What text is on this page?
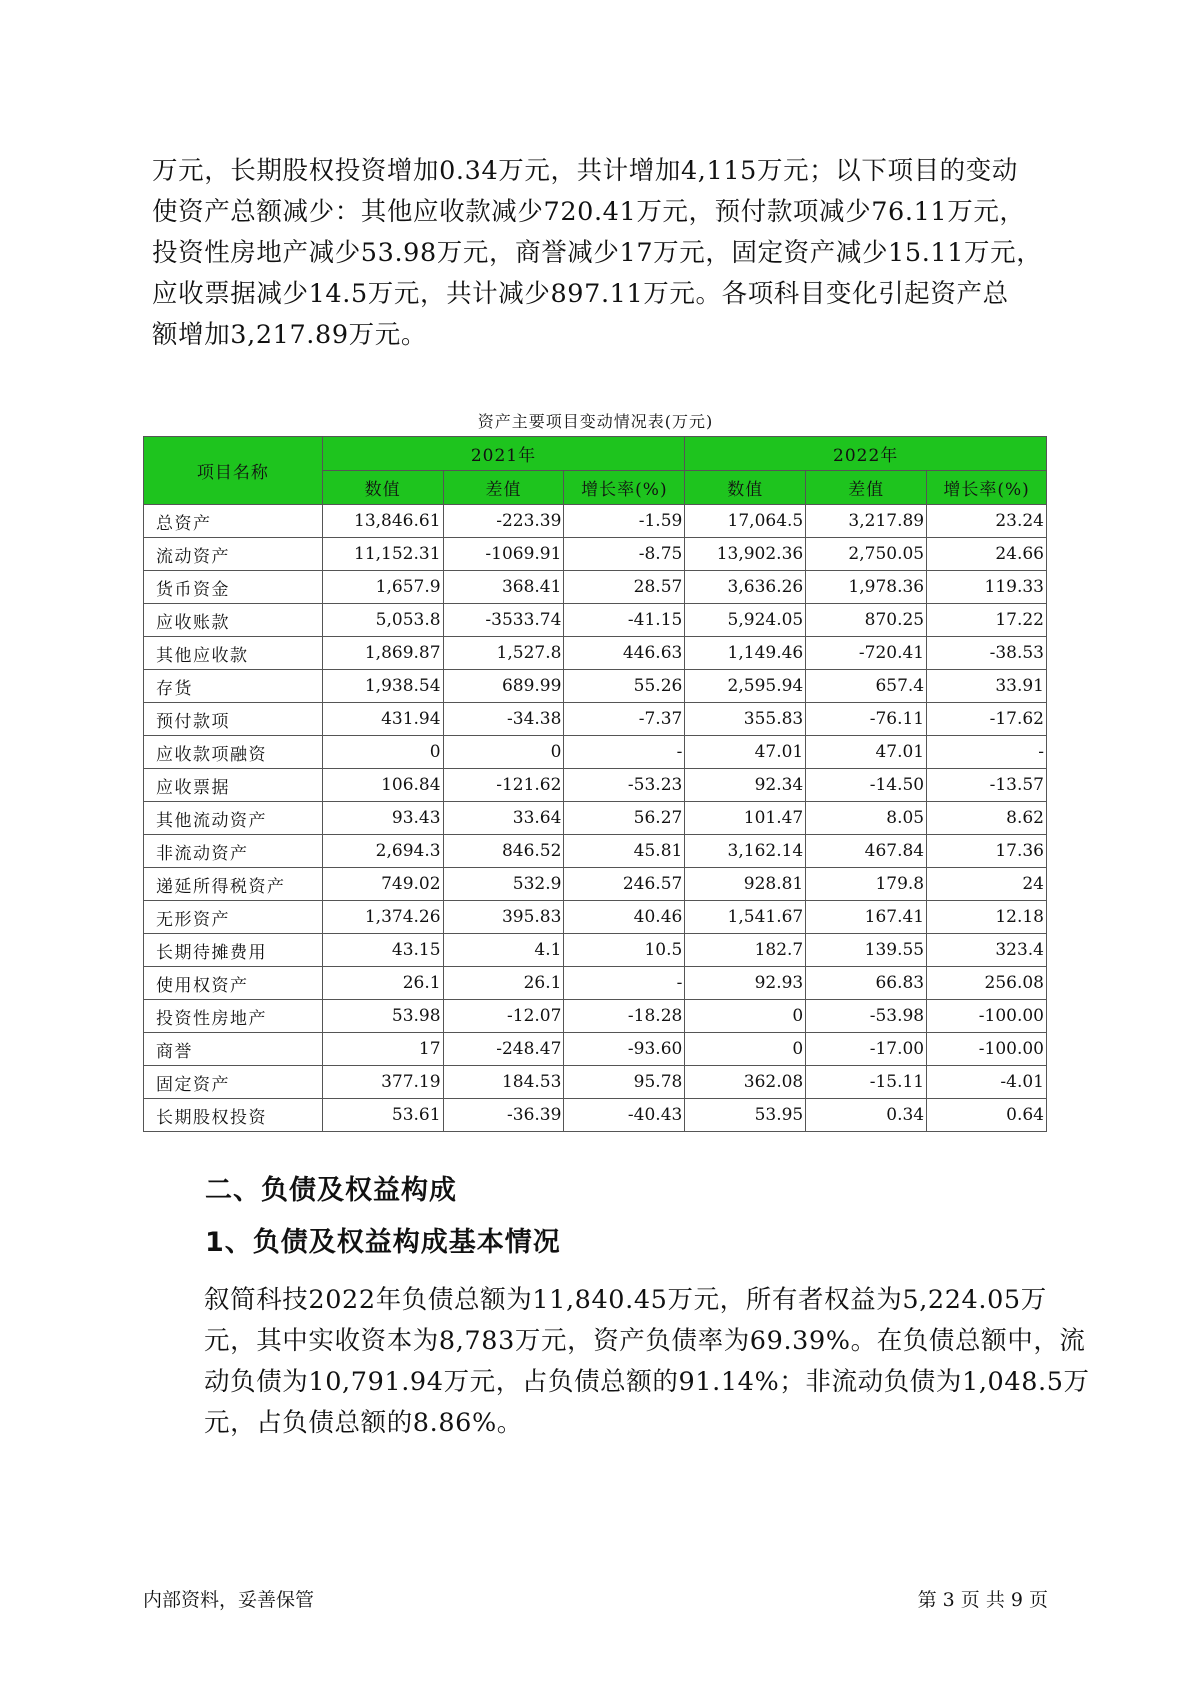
万元，长期股权投资增加0.34万元，共计增加4,115万元；以下项目的变动
使资产总额减少：其他应收款减少720.41万元，预付款项减少76.11万元，
投资性房地产减少53.98万元，商誉减少17万元，固定资产减少15.11万元，
应收票据减少14.5万元，共计减少897.11万元。各项科目变化引起资产总
额增加3,217.89万元。
资产主要项目变动情况表(万元)
项目名称	2021年			2022年		
	数值	差值	增长率(%)	数值	差值	增长率(%)
总资产	13,846.61	-223.39	-1.59	17,064.5	3,217.89	23.24
流动资产	11,152.31	-1069.91	-8.75	13,902.36	2,750.05	24.66
货币资金	1,657.9	368.41	28.57	3,636.26	1,978.36	119.33
应收账款	5,053.8	-3533.74	-41.15	5,924.05	870.25	17.22
其他应收款	1,869.87	1,527.8	446.63	1,149.46	-720.41	-38.53
存货	1,938.54	689.99	55.26	2,595.94	657.4	33.91
预付款项	431.94	-34.38	-7.37	355.83	-76.11	-17.62
应收款项融资	0	0	-	47.01	47.01	-
应收票据	106.84	-121.62	-53.23	92.34	-14.50	-13.57
其他流动资产	93.43	33.64	56.27	101.47	8.05	8.62
非流动资产	2,694.3	846.52	45.81	3,162.14	467.84	17.36
递延所得税资产	749.02	532.9	246.57	928.81	179.8	24
无形资产	1,374.26	395.83	40.46	1,541.67	167.41	12.18
长期待摊费用	43.15	4.1	10.5	182.7	139.55	323.4
使用权资产	26.1	26.1	-	92.93	66.83	256.08
投资性房地产	53.98	-12.07	-18.28	0	-53.98	-100.00
商誉	17	-248.47	-93.60	0	-17.00	-100.00
固定资产	377.19	184.53	95.78	362.08	-15.11	-4.01
长期股权投资	53.61	-36.39	-40.43	53.95	0.34	0.64
二、负债及权益构成
1、负债及权益构成基本情况
叙简科技2022年负债总额为11,840.45万元，所有者权益为5,224.05万
元，其中实收资本为8,783万元，资产负债率为69.39%。在负债总额中，流
动负债为10,791.94万元，占负债总额的91.14%；非流动负债为1,048.5万
元，占负债总额的8.86%。
内部资料，妥善保管	第 3 页 共 9 页
